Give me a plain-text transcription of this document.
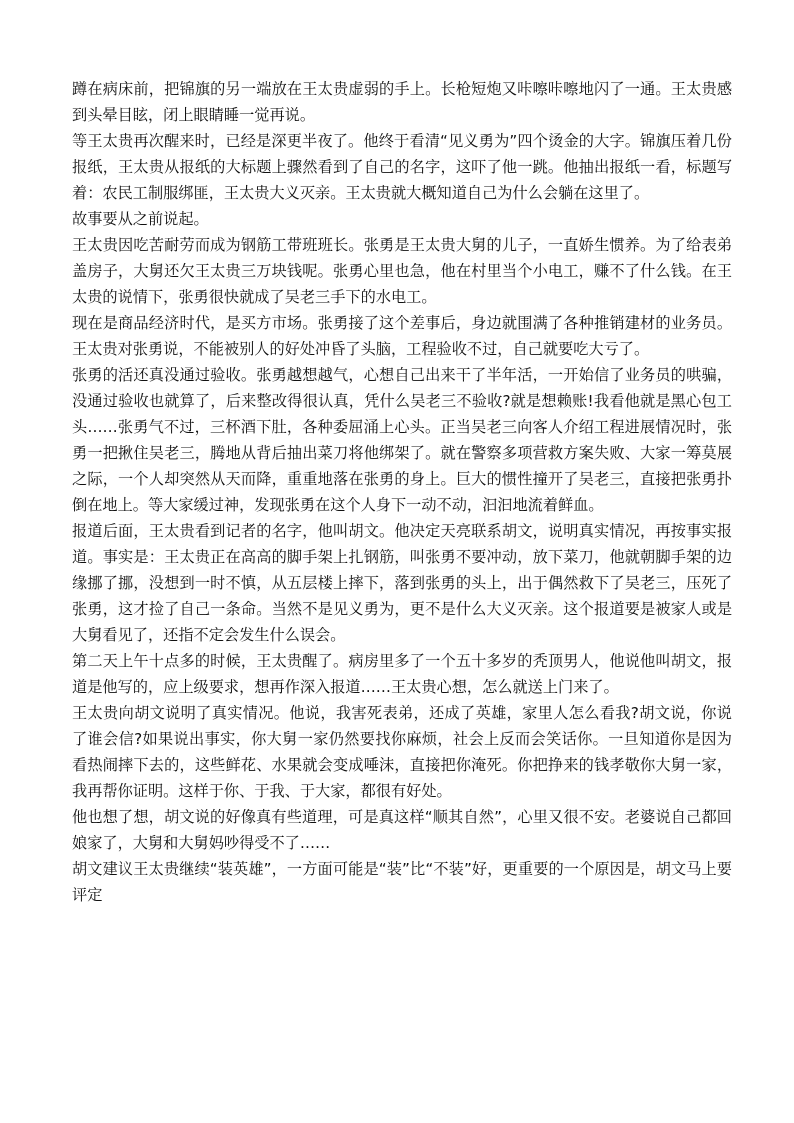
蹲在病床前，把锦旗的另一端放在王太贵虚弱的手上。长枪短炮又咔嚓咔嚓地闪了一通。王太贵感到头晕目眩，闭上眼睛睡一觉再说。

等王太贵再次醒来时，已经是深更半夜了。他终于看清“见义勇为”四个烫金的大字。锦旗压着几份报纸，王太贵从报纸的大标题上骤然看到了自己的名字，这吓了他一跳。他抽出报纸一看，标题写着：农民工制服绑匪，王太贵大义灭亲。王太贵就大概知道自己为什么会躺在这里了。

故事要从之前说起。

王太贵因吃苦耐劳而成为钢筋工带班班长。张勇是王太贵大舅的儿子，一直娇生惯养。为了给表弟盖房子，大舅还欠王太贵三万块钱呢。张勇心里也急，他在村里当个小电工，赚不了什么钱。在王太贵的说情下，张勇很快就成了吴老三手下的水电工。

现在是商品经济时代，是买方市场。张勇接了这个差事后，身边就围满了各种推销建材的业务员。王太贵对张勇说，不能被别人的好处冲昏了头脑，工程验收不过，自己就要吃大亏了。

张勇的活还真没通过验收。张勇越想越气，心想自己出来干了半年活，一开始信了业务员的哄骗，没通过验收也就算了，后来整改得很认真，凭什么吴老三不验收?就是想赖账!我看他就是黑心包工头……张勇气不过，三杯酒下肚，各种委屈涌上心头。正当吴老三向客人介绍工程进展情况时，张勇一把揪住吴老三，腾地从背后抽出菜刀将他绑架了。就在警察多项营救方案失败、大家一筹莫展之际，一个人却突然从天而降，重重地落在张勇的身上。巨大的惯性撞开了吴老三，直接把张勇扑倒在地上。等大家缓过神，发现张勇在这个人身下一动不动，汩汩地流着鲜血。

报道后面，王太贵看到记者的名字，他叫胡文。他决定天亮联系胡文，说明真实情况，再按事实报道。事实是：王太贵正在高高的脚手架上扎钢筋，叫张勇不要冲动，放下菜刀，他就朝脚手架的边缘挪了挪，没想到一时不慎，从五层楼上摔下，落到张勇的头上，出于偶然救下了吴老三，压死了张勇，这才捡了自己一条命。当然不是见义勇为，更不是什么大义灭亲。这个报道要是被家人或是大舅看见了，还指不定会发生什么误会。

第二天上午十点多的时候，王太贵醒了。病房里多了一个五十多岁的秃顶男人，他说他叫胡文，报道是他写的，应上级要求，想再作深入报道……王太贵心想，怎么就送上门来了。

王太贵向胡文说明了真实情况。他说，我害死表弟，还成了英雄，家里人怎么看我?胡文说，你说了谁会信?如果说出事实，你大舅一家仍然要找你麻烦，社会上反而会笑话你。一旦知道你是因为看热闹摔下去的，这些鲜花、水果就会变成唾沫，直接把你淹死。你把挣来的钱孝敬你大舅一家，我再帮你证明。这样于你、于我、于大家，都很有好处。

他也想了想，胡文说的好像真有些道理，可是真这样“顺其自然”，心里又很不安。老婆说自己都回娘家了，大舅和大舅妈吵得受不了……

胡文建议王太贵继续“装英雄”，一方面可能是“装”比“不装”好，更重要的一个原因是，胡文马上要评定
